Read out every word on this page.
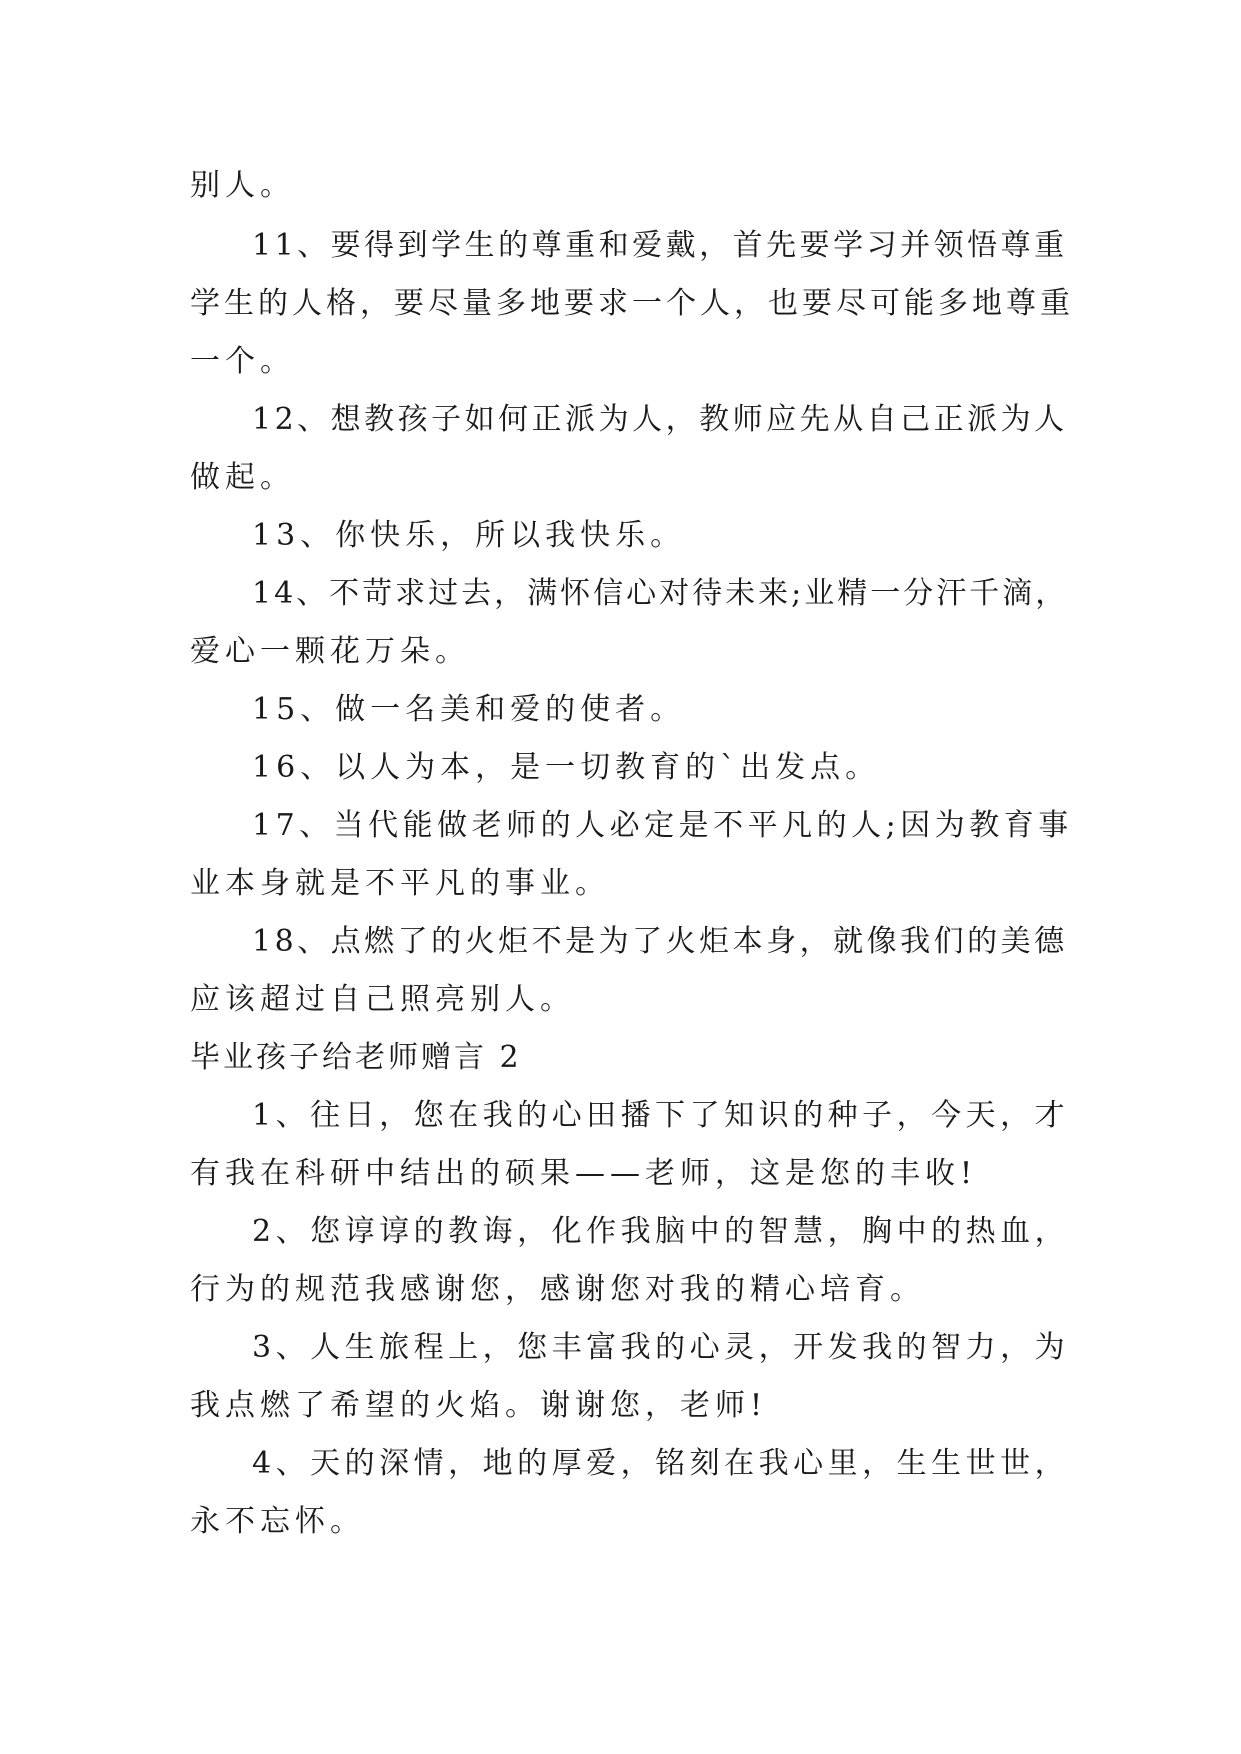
别人。
11、要得到学生的尊重和爱戴，首先要学习并领悟尊重
学生的人格，要尽量多地要求一个人，也要尽可能多地尊重
一个。
12、想教孩子如何正派为人，教师应先从自己正派为人
做起。
13、你快乐，所以我快乐。
14、不苛求过去，满怀信心对待未来;业精一分汗千滴，
爱心一颗花万朵。
15、做一名美和爱的使者。
16、以人为本，是一切教育的`出发点。
17、当代能做老师的人必定是不平凡的人;因为教育事
业本身就是不平凡的事业。
18、点燃了的火炬不是为了火炬本身，就像我们的美德
应该超过自己照亮别人。
毕业孩子给老师赠言 2
1、往日，您在我的心田播下了知识的种子，今天，才
有我在科研中结出的硕果——老师，这是您的丰收!
2、您谆谆的教诲，化作我脑中的智慧，胸中的热血，
行为的规范我感谢您，感谢您对我的精心培育。
3、人生旅程上，您丰富我的心灵，开发我的智力，为
我点燃了希望的火焰。谢谢您，老师!
4、天的深情，地的厚爱，铭刻在我心里，生生世世，
永不忘怀。
